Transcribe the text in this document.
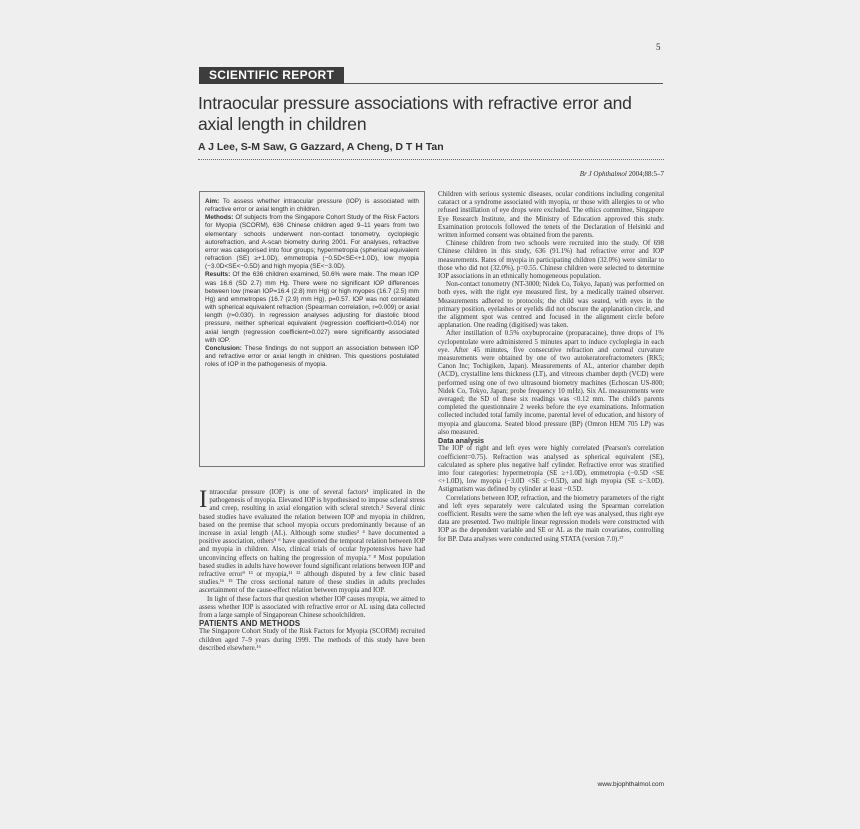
5
SCIENTIFIC REPORT
Intraocular pressure associations with refractive error and axial length in children
A J Lee, S-M Saw, G Gazzard, A Cheng, D T H Tan
Br J Ophthalmol 2004;88:5–7

Aim: To assess whether intraocular pressure (IOP) is associated with refractive error or axial length in children.

Methods: Of subjects from the Singapore Cohort Study of the Risk Factors for Myopia (SCORM), 636 Chinese children aged 9–11 years from two elementary schools underwent non-contact tonometry, cycloplegic autorefraction, and A-scan biometry during 2001. For analyses, refractive error was categorised into four groups; hypermetropia (spherical equivalent refraction (SE) ≥+1.0D), emmetropia (−0.5D<SE<+1.0D), low myopia (−3.0D<SE<−0.5D) and high myopia (SE<−3.0D).

Results: Of the 636 children examined, 50.6% were male. The mean IOP was 16.6 (SD 2.7) mm Hg. There were no significant IOP differences between low (mean IOP=16.4 (2.8) mm Hg) or high myopes (16.7 (2.5) mm Hg) and emmetropes (16.7 (2.9) mm Hg), p=0.57. IOP was not correlated with spherical equivalent refraction (Spearman correlation, r=0.009) or axial length (r=0.030). In regression analyses adjusting for diastolic blood pressure, neither spherical equivalent (regression coefficient=0.014) nor axial length (regression coefficient=0.027) were significantly associated with IOP.

Conclusion: These findings do not support an association between IOP and refractive error or axial length in children. This questions postulated roles of IOP in the pathogenesis of myopia.

Intraocular pressure (IOP) is one of several factors¹ implicated in the pathogenesis of myopia. Elevated IOP is hypothesised to impose scleral stress and creep, resulting in axial elongation with scleral stretch.² Several clinic based studies have evaluated the relation between IOP and myopia in children, based on the premise that school myopia occurs predominantly because of an increase in axial length (AL). Although some studies³ ⁴ have documented a positive association, others⁵ ⁶ have questioned the temporal relation between IOP and myopia in children. Also, clinical trials of ocular hypotensives have had unconvincing effects on halting the progression of myopia.⁷ ⁸ Most population based studies in adults have however found significant relations between IOP and refractive error⁹ ¹³ or myopia,¹¹ ¹² although disputed by a few clinic based studies.¹⁶ ¹⁵ The cross sectional nature of these studies in adults precludes ascertainment of the cause-effect relation between myopia and IOP.

In light of these factors that question whether IOP causes myopia, we aimed to assess whether IOP is associated with refractive error or AL using data collected from a large sample of Singaporean Chinese schoolchildren.

PATIENTS AND METHODS

The Singapore Cohort Study of the Risk Factors for Myopia (SCORM) recruited children aged 7–9 years during 1999. The methods of this study have been described elsewhere.¹⁶

Children with serious systemic diseases, ocular conditions including congenital cataract or a syndrome associated with myopia, or those with allergies to or who refused instillation of eye drops were excluded. The ethics committee, Singapore Eye Research Institute, and the Ministry of Education approved this study. Examination protocols followed the tenets of the Declaration of Helsinki and written informed consent was obtained from the parents.

Chinese children from two schools were recruited into the study. Of 698 Chinese children in this study, 636 (91.1%) had refractive error and IOP measurements. Rates of myopia in participating children (32.0%) were similar to those who did not (32.0%), p=0.55. Chinese children were selected to determine IOP associations in an ethnically homogeneous population.

Non-contact tonometry (NT-3000; Nidek Co, Tokyo, Japan) was performed on both eyes, with the right eye measured first, by a medically trained observer. Measurements adhered to protocols; the child was seated, with eyes in the primary position, eyelashes or eyelids did not obscure the applanation circle, and the alignment spot was centred and focused in the alignment circle before applanation. One reading (digitised) was taken.

After instillation of 0.5% oxybuprocaine (proparacaine), three drops of 1% cyclopentolate were administered 5 minutes apart to induce cycloplegia in each eye. After 45 minutes, five consecutive refraction and corneal curvature measurements were obtained by one of two autokeratorefractometers (RK5; Canon Inc; Tochigiken, Japan). Measurements of AL, anterior chamber depth (ACD), crystalline lens thickness (LT), and vitreous chamber depth (VCD) were performed using one of two ultrasound biometry machines (Echoscan US-800; Nidek Co, Tokyo, Japan; probe frequency 10 mHz). Six AL measurements were averaged; the SD of these six readings was <0.12 mm. The child's parents completed the questionnaire 2 weeks before the eye examinations. Information collected included total family income, parental level of education, and history of myopia and glaucoma. Seated blood pressure (BP) (Omron HEM 705 LP) was also measured.

Data analysis

The IOP of right and left eyes were highly correlated (Pearson's correlation coefficient=0.75). Refraction was analysed as spherical equivalent (SE), calculated as sphere plus negative half cylinder. Refractive error was stratified into four categories: hypermetropia (SE ≥+1.0D), emmetropia (−0.5D <SE <+1.0D), low myopia (−3.0D <SE ≤−0.5D), and high myopia (SE ≤−3.0D). Astigmatism was defined by cylinder at least −0.5D.

Correlations between IOP, refraction, and the biometry parameters of the right and left eyes separately were calculated using the Spearman correlation coefficient. Results were the same when the left eye was analysed, thus right eye data are presented. Two multiple linear regression models were constructed with IOP as the dependent variable and SE or AL as the main covariates, controlling for BP. Data analyses were conducted using STATA (version 7.0).¹⁷

www.bjophthalmol.com
